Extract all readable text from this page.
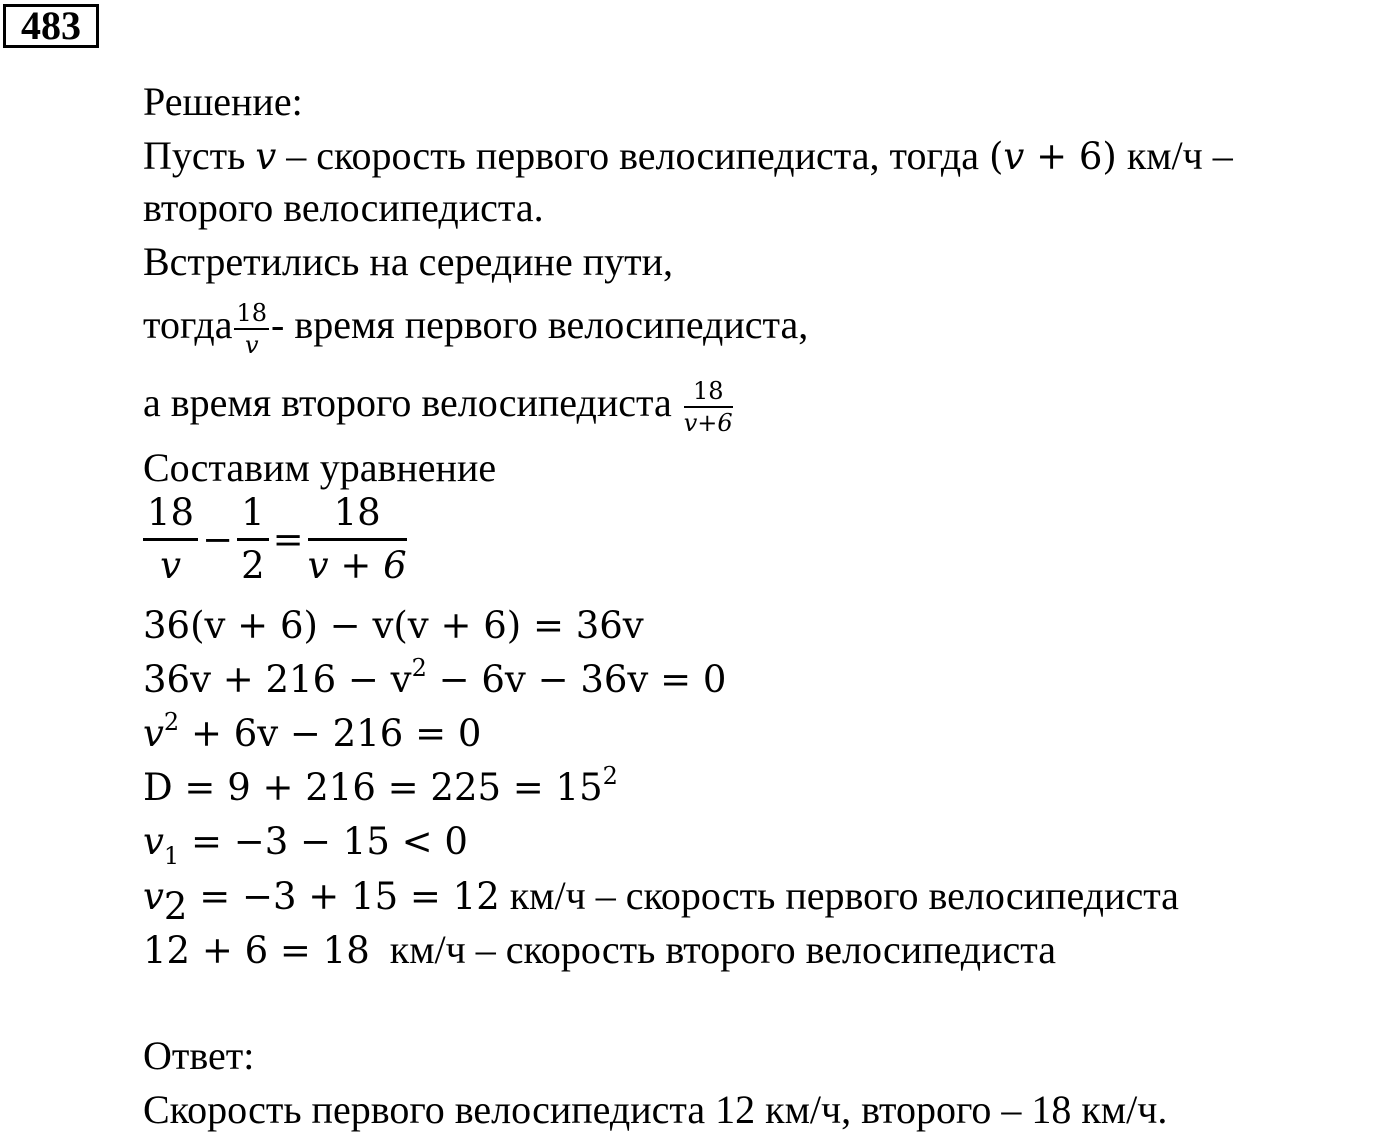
483
Решение:
Пусть v – скорость первого велосипедиста, тогда (v + 6) км/ч –
второго велосипедиста.
Встретились на середине пути,
тогда $\frac{18}{v}$ - время первого велосипедиста,
а время второго велосипедиста $\frac{18}{v+6}$
Составим уравнение
$\frac{18}{v} - \frac{1}{2} = \frac{18}{v + 6}$
36(v + 6) − v(v + 6) = 36v
$36v + 216 - v^2 - 6v - 36v = 0$
$v^2 + 6v - 216 = 0$
$D = 9 + 216 = 225 = 15^2$
$v_1 = -3 - 15 < 0$
$v_2 = -3 + 15 = 12$ км/ч – скорость первого велосипедиста
12 + 6 = 18  км/ч – скорость второго велосипедиста
Ответ:
Скорость первого велосипедиста 12 км/ч, второго – 18 км/ч.
